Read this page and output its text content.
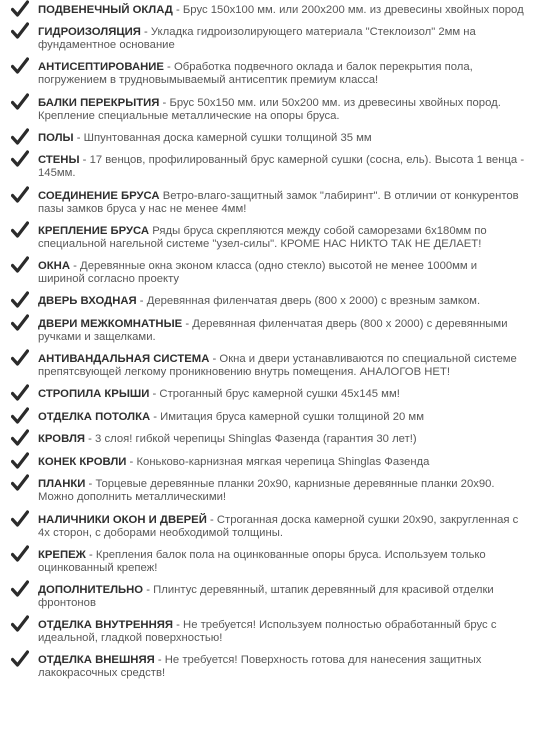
ПОДВЕНЕЧНЫЙ ОКЛАД - Брус 150х100 мм. или 200х200 мм. из древесины хвойных пород
ГИДРОИЗОЛЯЦИЯ - Укладка гидроизолирующего материала "Стеклоизол" 2мм на фундаментное основание
АНТИСЕПТИРОВАНИЕ - Обработка подвечного оклада и балок перекрытия пола, погружением в трудновымываемый антисептик премиум класса!
БАЛКИ ПЕРЕКРЫТИЯ - Брус 50х150 мм. или 50х200 мм. из древесины хвойных пород. Крепление специальные металлические на опоры бруса.
ПОЛЫ - Шпунтованная доска камерной сушки толщиной 35 мм
СТЕНЫ - 17 венцов, профилированный брус камерной сушки (сосна, ель). Высота 1 венца - 145мм.
СОЕДИНЕНИЕ БРУСА Ветро-влаго-защитный замок "лабиринт". В отличии от конкурентов пазы замков бруса у нас не менее 4мм!
КРЕПЛЕНИЕ БРУСА Ряды бруса скрепляются между собой саморезами 6х180мм по специальной нагельной системе "узел-силы". КРОМЕ НАС НИКТО ТАК НЕ ДЕЛАЕТ!
ОКНА - Деревянные окна эконом класса (одно стекло) высотой не менее 1000мм и шириной согласно проекту
ДВЕРЬ ВХОДНАЯ - Деревянная филенчатая дверь (800 х 2000) с врезным замком.
ДВЕРИ МЕЖКОМНАТНЫЕ - Деревянная филенчатая дверь (800 х 2000) с деревянными ручками и защелками.
АНТИВАНДАЛЬНАЯ СИСТЕМА - Окна и двери устанавливаются по специальной системе препятсвующей легкому проникновению внутрь помещения. АНАЛОГОВ НЕТ!
СТРОПИЛА КРЫШИ - Строганный брус камерной сушки 45х145 мм!
ОТДЕЛКА ПОТОЛКА - Имитация бруса камерной сушки толщиной 20 мм
КРОВЛЯ - 3 слоя! гибкой черепицы Shinglas Фазенда (гарантия 30 лет!)
КОНЕК КРОВЛИ - Коньково-карнизная мягкая черепица Shinglas Фазенда
ПЛАНКИ - Торцевые деревянные планки 20х90, карнизные деревянные планки 20х90. Можно дополнить металлическими!
НАЛИЧНИКИ ОКОН И ДВЕРЕЙ - Строганная доска камерной сушки 20х90, закругленная с 4х сторон, с доборами необходимой толщины.
КРЕПЕЖ - Крепления балок пола на оцинкованные опоры бруса. Используем только оцинкованный крепеж!
ДОПОЛНИТЕЛЬНО - Плинтус деревянный, штапик деревянный для красивой отделки фронтонов
ОТДЕЛКА ВНУТРЕННЯЯ - Не требуется! Используем полностью обработанный брус с идеальной, гладкой поверхностью!
ОТДЕЛКА ВНЕШНЯЯ - Не требуется! Поверхность готова для нанесения защитных лакокрасочных средств!
